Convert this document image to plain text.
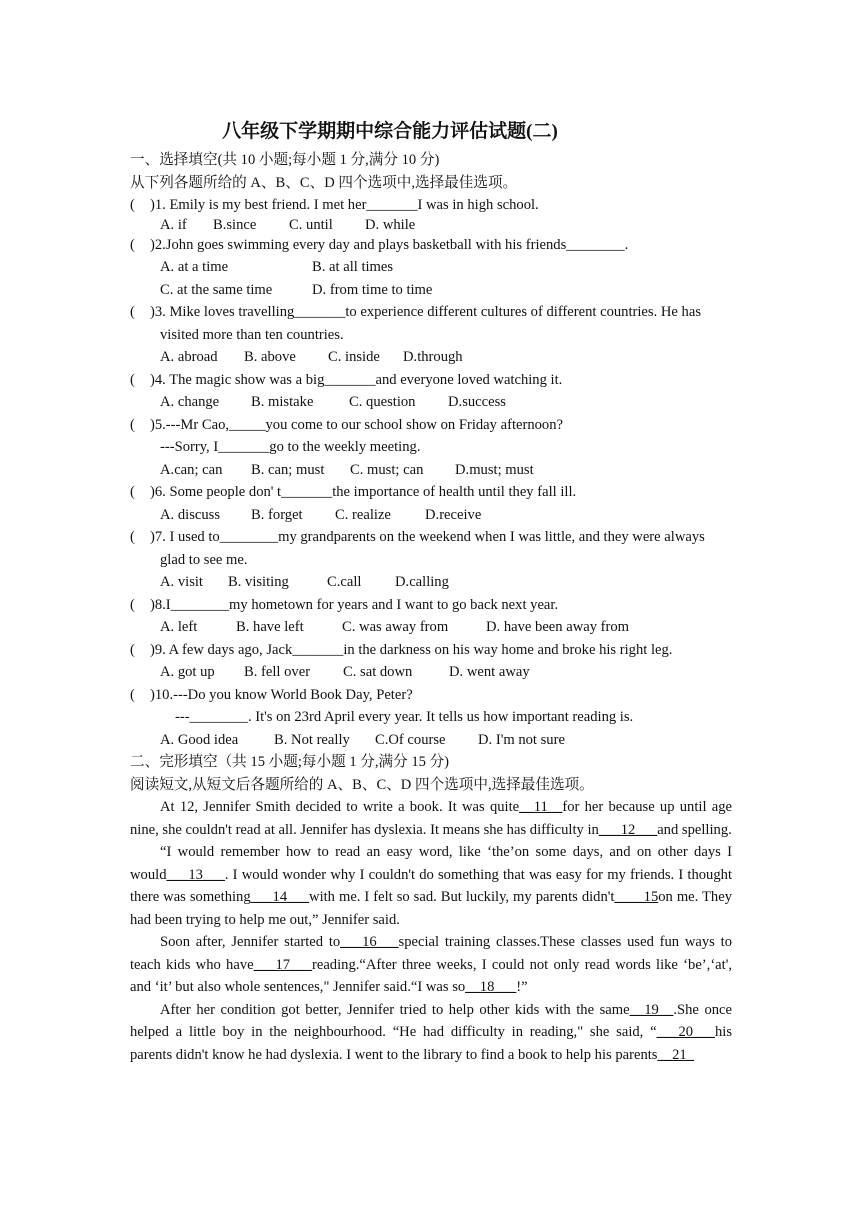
八年级下学期期中综合能力评估试题(二)
一、选择填空(共 10 小题;每小题 1 分,满分 10 分)
从下列各题所给的 A、B、C、D 四个选项中,选择最佳选项。
( )1. Emily is my best friend. I met her_______I was in high school.
A. if B.since C. until D. while
( )2.John goes swimming every day and plays basketball with his friends________.
A. at a time	B. at all times
C. at the same time	D. from time to time
( )3. Mike loves travelling_______to experience different cultures of different countries. He has
visited more than ten countries.
A. abroad B. above C. inside D.through
( )4. The magic show was a big_______and everyone loved watching it.
A. change B. mistake C. question D.success
( )5.---Mr Cao,_____you come to our school show on Friday afternoon?
---Sorry, I_______go to the weekly meeting.
A.can; can B. can; must C. must; can D.must; must
( )6. Some people don' t_______the importance of health until they fall ill.
A. discuss B. forget C. realize D.receive
( )7. I used to________my grandparents on the weekend when I was little, and they were always
glad to see me.
A. visit B. visiting	C.call D.calling
( )8.I________my hometown for years and I want to go back next year.
A. left	B. have left	C. was away from	D. have been away from
( )9. A few days ago, Jack_______in the darkness on his way home and broke his right leg.
A. got up B. fell over C. sat down	D. went away
( )10.---Do you know World Book Day, Peter?
---________. It's on 23rd April every year. It tells us how important reading is.
A. Good idea B. Not really C.Of course D. I'm not sure
二、完形填空（共 15 小题;每小题 1 分,满分 15 分)
阅读短文,从短文后各题所给的 A、B、C、D 四个选项中,选择最佳选项。
At 12, Jennifer Smith decided to write a book. It was quite__11__for her because up until age nine, she couldn't read at all. Jennifer has dyslexia. It means she has difficulty in___12___and spelling.
“I would remember how to read an easy word, like ‘the’on some days, and on other days I would___13___. I would wonder why I couldn't do something that was easy for my friends. I thought there was something___14___with me. I felt so sad. But luckily, my parents didn't____15on me. They had been trying to help me out,” Jennifer said.
Soon after, Jennifer started to___16___special training classes.These classes used fun ways to teach kids who have___17___reading.“After three weeks, I could not only read words like ‘be’,‘at', and ‘it’ but also whole sentences," Jennifer said.“I was so__18___!”
After her condition got better, Jennifer tried to help other kids with the same__19__.She once helped a little boy in the neighbourhood. “He had difficulty in reading," she said, “___20___his parents didn't know he had dyslexia. I went to the library to find a book to help his parents__21_
